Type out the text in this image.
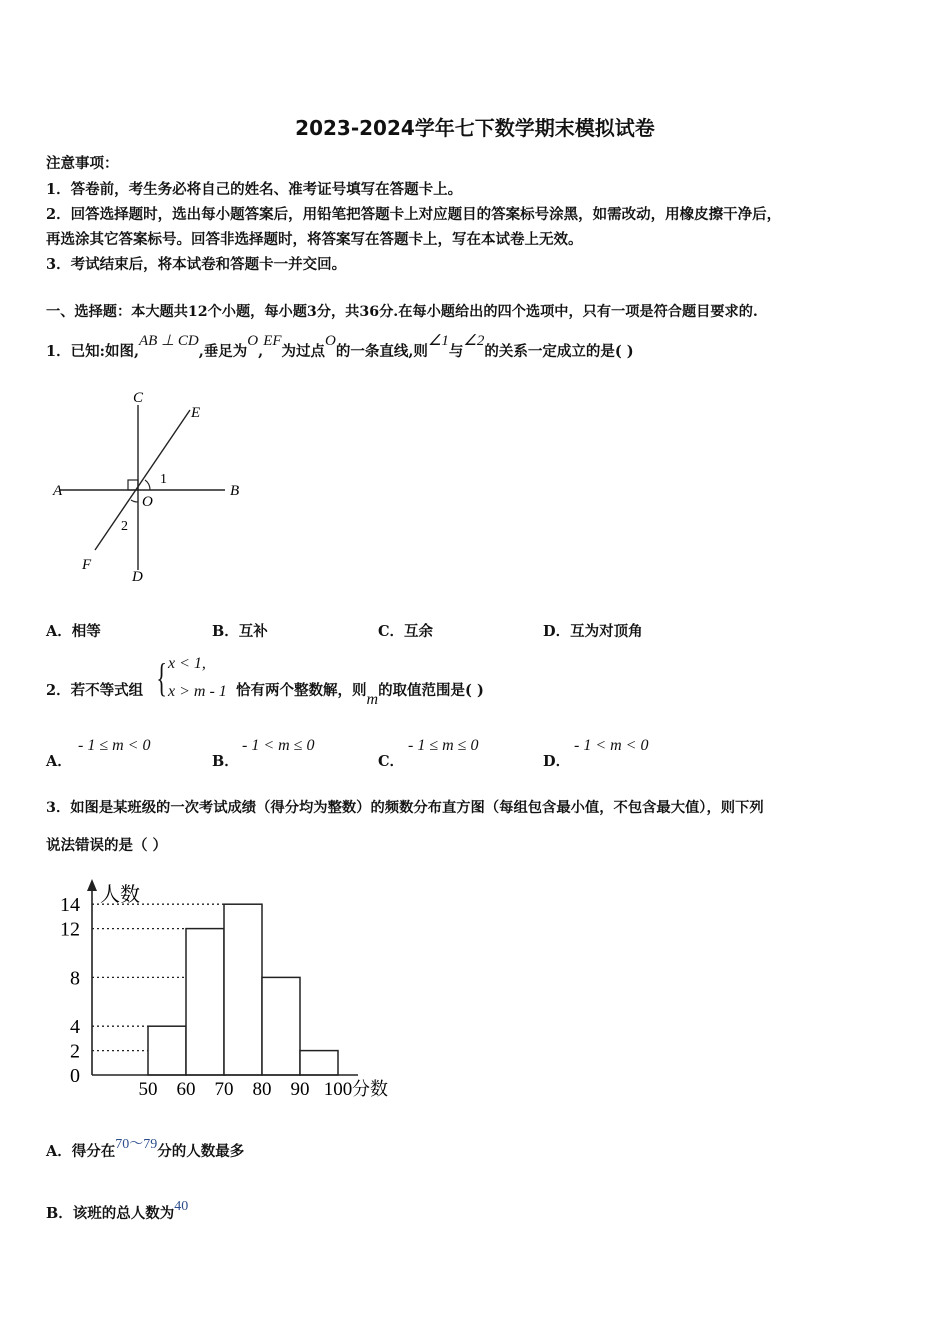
2023-2024学年七下数学期末模拟试卷
注意事项：
1．答卷前，考生务必将自己的姓名、准考证号填写在答题卡上。
2．回答选择题时，选出每小题答案后，用铅笔把答题卡上对应题目的答案标号涂黑，如需改动，用橡皮擦干净后，
再选涂其它答案标号。回答非选择题时，将答案写在答题卡上，写在本试卷上无效。
3．考试结束后，将本试卷和答题卡一并交回。
一、选择题：本大题共12个小题，每小题3分，共36分.在每小题给出的四个选项中，只有一项是符合题目要求的.
1．已知:如图,AB ⊥ CD,垂足为O,EF为过点O的一条直线,则∠1与∠2的关系一定成立的是( )
C
E
A
1
B
O
2
F
D
A．相等	B．互补	C．互余	D．互为对顶角
2．若不等式组 { x < 1,
x > m - 1 恰有两个整数解，则m的取值范围是( )
A．
- 1 ≤ m < 0
B．
- 1 < m ≤ 0
C．
- 1 ≤ m ≤ 0
D．
- 1 < m < 0
3．如图是某班级的一次考试成绩（得分均为整数）的频数分布直方图（每组包含最小值，不包含最大值），则下列
说法错误的是（ ）
人数
分数
0
2
4
8
12
14
50 60 70 80 90 100
A．得分在70～79分的人数最多
B．该班的总人数为40
